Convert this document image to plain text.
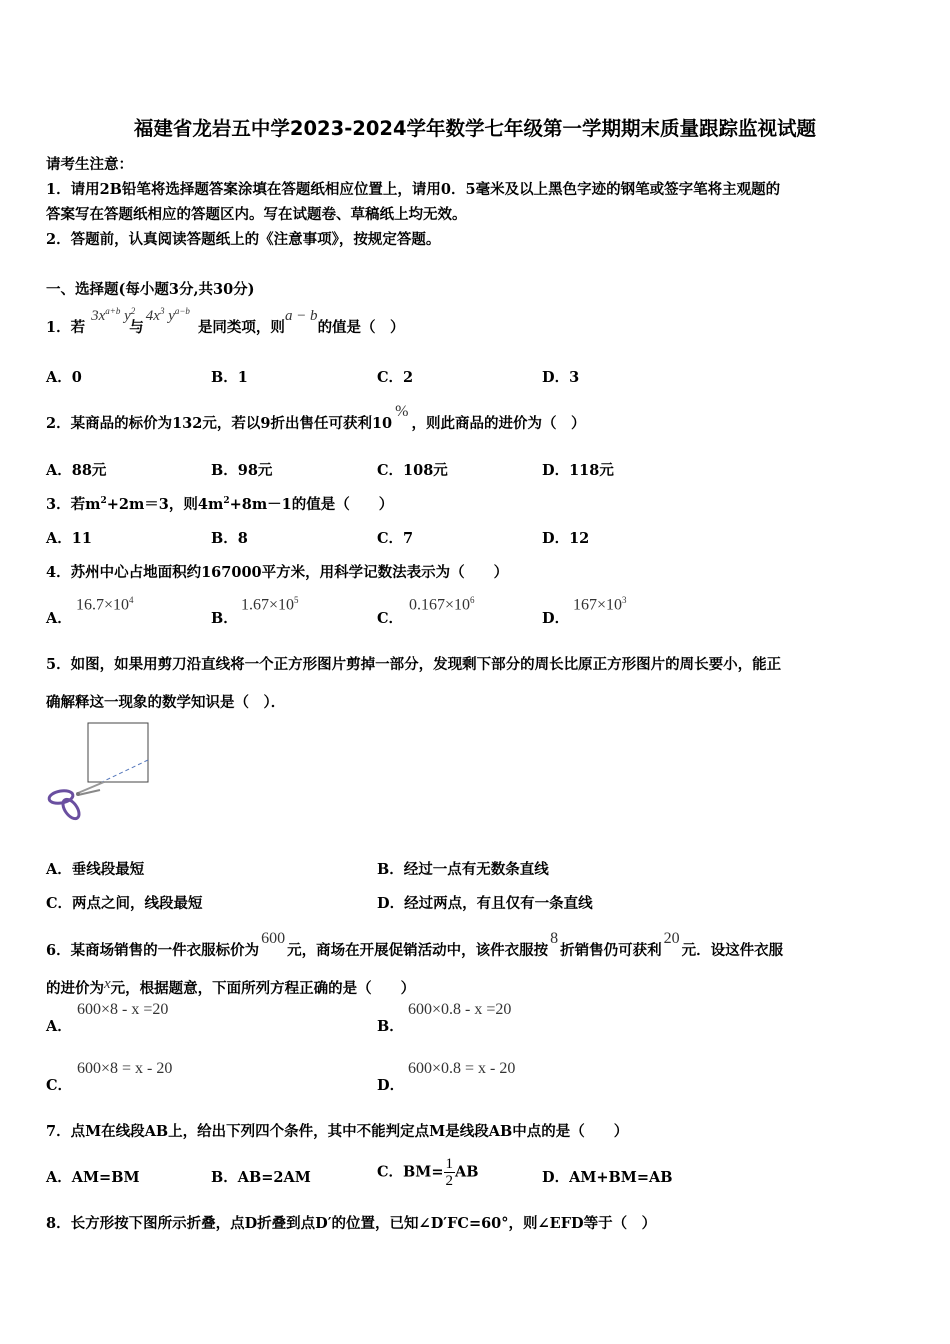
福建省龙岩五中学2023-2024学年数学七年级第一学期期末质量跟踪监视试题
请考生注意：
1．请用2B铅笔将选择题答案涂填在答题纸相应位置上，请用0．5毫米及以上黑色字迹的钢笔或签字笔将主观题的
答案写在答题纸相应的答题区内。写在试题卷、草稿纸上均无效。
2．答题前，认真阅读答题纸上的《注意事项》，按规定答题。
一、选择题(每小题3分,共30分)
1．若$3x^{a+b}$ $y^2$与$4x^3$ $y^{a-b}$是同类项，则a − b的值是（　）
A．0	B．1	C．2	D．3
2．某商品的标价为132元，若以9折出售任可获利10%，则此商品的进价为（　）
A．88元	B．98元	C．108元	D．118元
3．若$m^2+2m=3$，则$4m^2+8m-1$的值是（　　）
A．11	B．8	C．7	D．12
4．苏州中心占地面积约167000平方米，用科学记数法表示为（　　）
A．
$16.7\times 10^4$
B．
$1.67\times 10^5$
C．
$0.167\times 10^6$
D．
$167\times 10^3$
5．如图，如果用剪刀沿直线将一个正方形图片剪掉一部分，发现剩下部分的周长比原正方形图片的周长要小，能正
确解释这一现象的数学知识是（　）．
A．垂线段最短	B．经过一点有无数条直线
C．两点之间，线段最短	D．经过两点，有且仅有一条直线
6．某商场销售的一件衣服标价为600元，商场在开展促销活动中，该件衣服按8折销售仍可获利20元．设这件衣服
的进价为x元，根据题意，下面所列方程正确的是（　　）
A．
600×8 - x =20
B．
600×0.8 - x =20
C．
600×8 = x - 20
D．
600×0.8 = x - 20
7．点M在线段AB上，给出下列四个条件，其中不能判定点M是线段AB中点的是（　　）
A．AM=BM	B．AB=2AM	C．$BM= \frac{1}{2}$ AB	D．AM+BM=AB
8．长方形按下图所示折叠，点D折叠到点D′的位置，已知∠D′FC=60°，则∠EFD等于（　）
